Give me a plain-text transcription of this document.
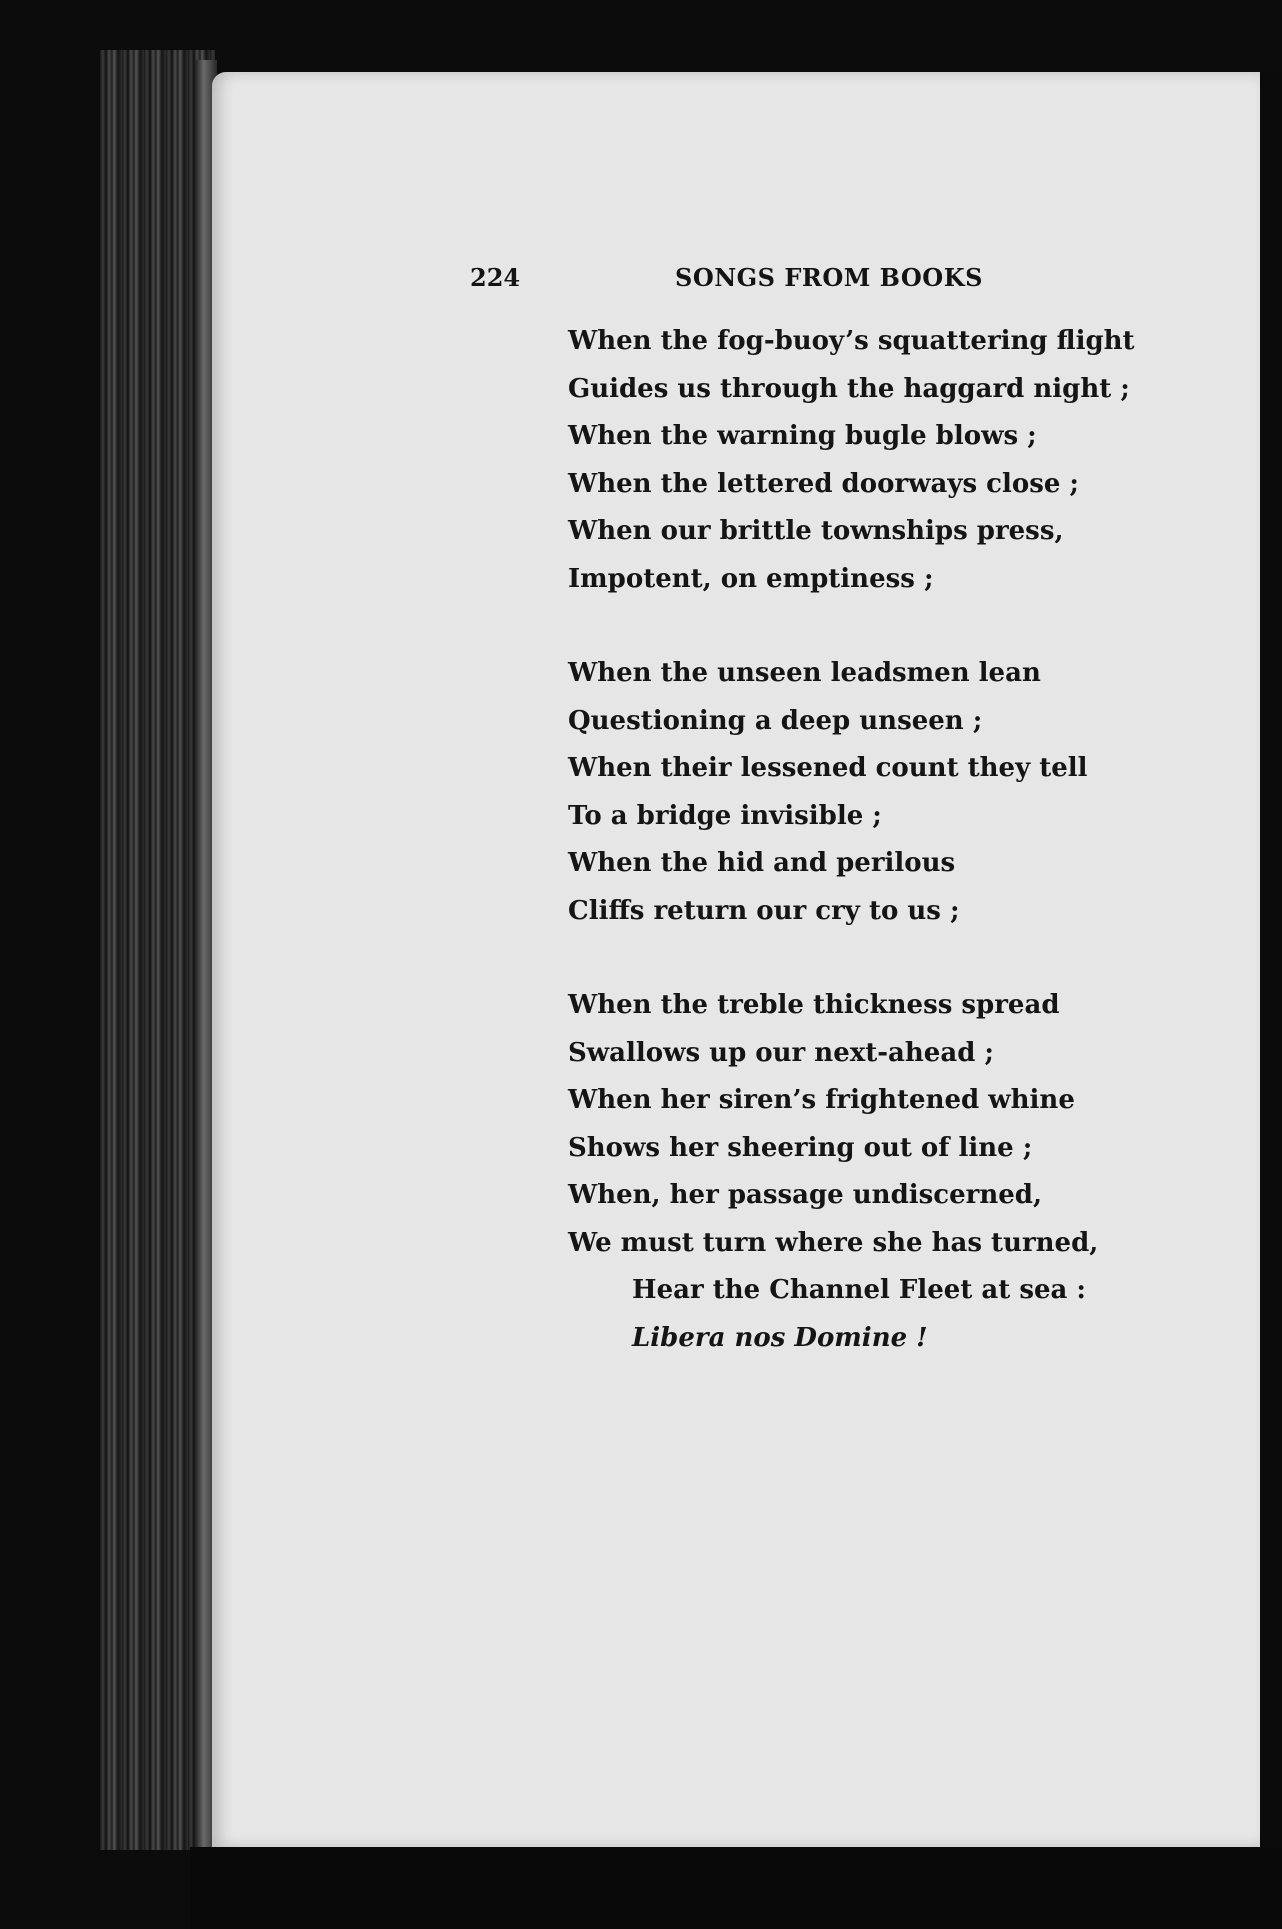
224	SONGS FROM BOOKS
When the fog-buoy’s squattering flight
Guides us through the haggard night ;
When the warning bugle blows ;
When the lettered doorways close ;
When our brittle townships press,
Impotent, on emptiness ;
When the unseen leadsmen lean
Questioning a deep unseen ;
When their lessened count they tell
To a bridge invisible ;
When the hid and perilous
Cliffs return our cry to us ;
When the treble thickness spread
Swallows up our next-ahead ;
When her siren’s frightened whine
Shows her sheering out of line ;
When, her passage undiscerned,
We must turn where she has turned,
Hear the Channel Fleet at sea :
Libera nos Domine !
